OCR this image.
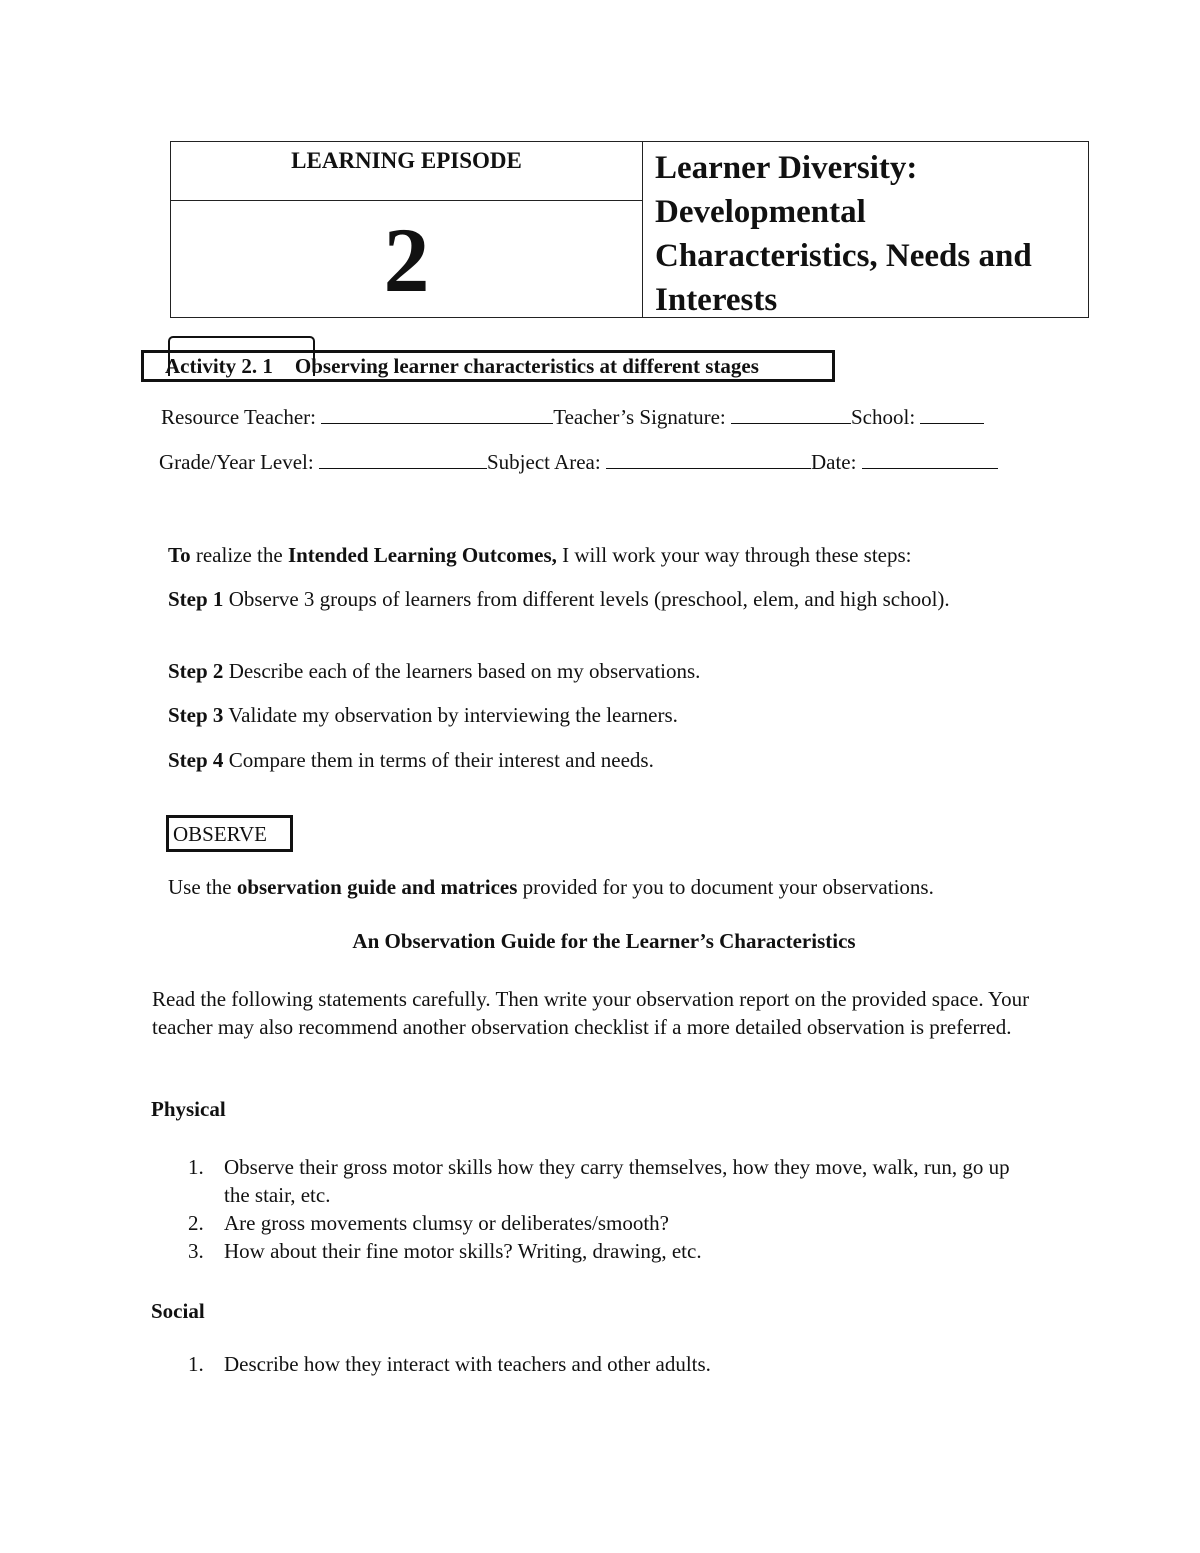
LEARNING EPISODE
2
Learner Diversity:
Developmental
Characteristics, Needs and
Interests
Activity 2. 1 Observing learner characteristics at different stages
Resource Teacher:	Teacher’s Signature:	School:
Grade/Year Level:	Subject Area:	Date:
To realize the Intended Learning Outcomes, I will work your way through these steps:
Step 1 Observe 3 groups of learners from different levels (preschool, elem, and high school).
Step 2 Describe each of the learners based on my observations.
Step 3 Validate my observation by interviewing the learners.
Step 4 Compare them in terms of their interest and needs.
OBSERVE
Use the observation guide and matrices provided for you to document your observations.
An Observation Guide for the Learner’s Characteristics
Read the following statements carefully. Then write your observation report on the provided space. Your teacher may also recommend another observation checklist if a more detailed observation is preferred.
Physical
1. Observe their gross motor skills how they carry themselves, how they move, walk, run, go up the stair, etc.
2. Are gross movements clumsy or deliberates/smooth?
3. How about their fine motor skills? Writing, drawing, etc.
Social
1. Describe how they interact with teachers and other adults.
